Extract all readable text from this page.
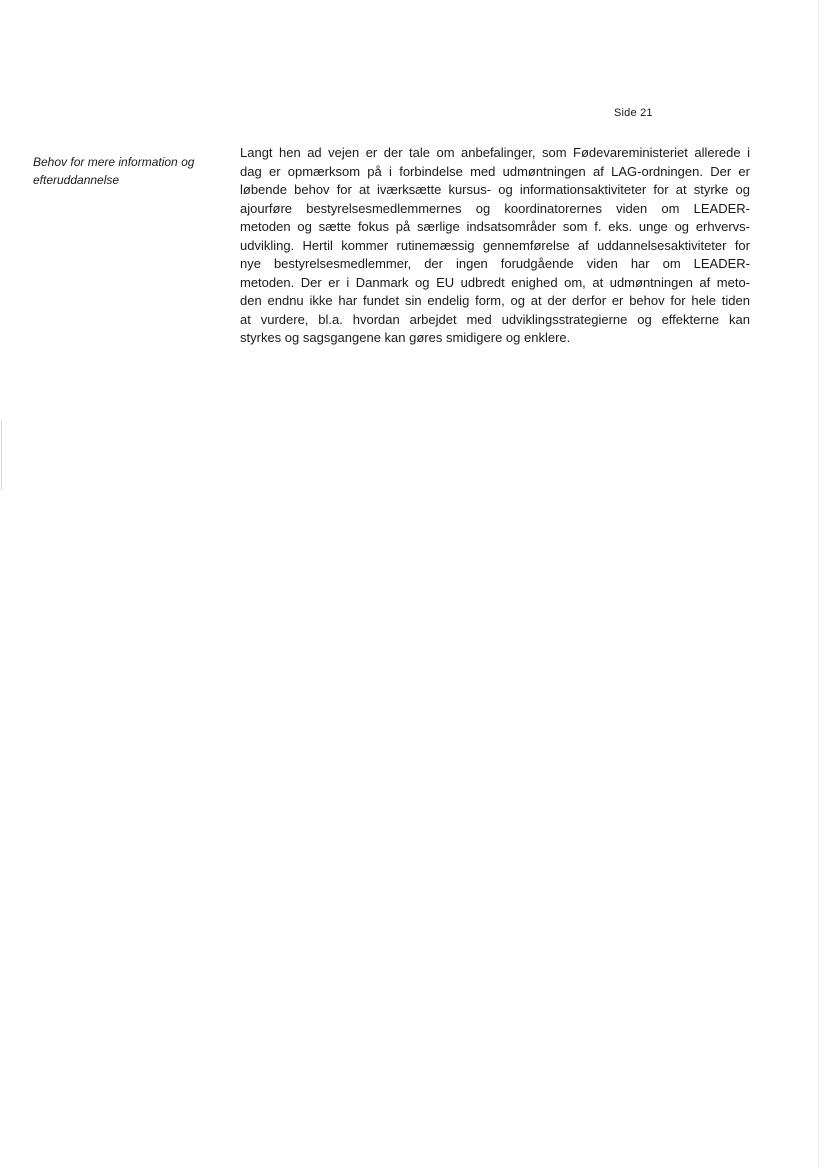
Side 21
Behov for mere information og
efteruddannelse
Langt hen ad vejen er der tale om anbefalinger, som Fødevareministeriet allerede i
dag er opmærksom på i forbindelse med udmøntningen af LAG-ordningen. Der er
løbende behov for at iværksætte kursus- og informationsaktiviteter for at styrke og
ajourføre bestyrelsesmedlemmernes og koordinatorernes viden om LEADER-
metoden og sætte fokus på særlige indsatsområder som f. eks. unge og erhvervs-
udvikling. Hertil kommer rutinemæssig gennemførelse af uddannelsesaktiviteter for
nye bestyrelsesmedlemmer, der ingen forudgående viden har om LEADER-
metoden. Der er i Danmark og EU udbredt enighed om, at udmøntningen af meto-
den endnu ikke har fundet sin endelig form, og at der derfor er behov for hele tiden
at vurdere, bl.a. hvordan arbejdet med udviklingsstrategierne og effekterne kan
styrkes og sagsgangene kan gøres smidigere og enklere.
